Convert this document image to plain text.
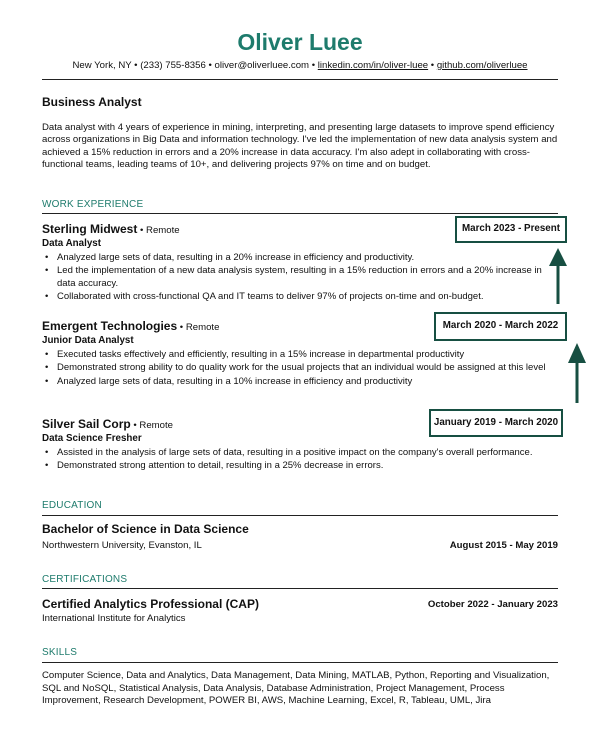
Oliver Luee
New York, NY • (233) 755-8356 • oliver@oliverluee.com • linkedin.com/in/oliver-luee • github.com/oliverluee
Business Analyst
Data analyst with 4 years of experience in mining, interpreting, and presenting large datasets to improve spend efficiency across organizations in Big Data and information technology. I've led the implementation of new data analysis system and achieved a 15% reduction in errors and a 20% increase in data accuracy. I'm also adept in collaborating with cross-functional teams, leading teams of 10+, and delivering projects 97% on time and on budget.
WORK EXPERIENCE
Sterling Midwest • Remote
Data Analyst
• Analyzed large sets of data, resulting in a 20% increase in efficiency and productivity.
• Led the implementation of a new data analysis system, resulting in a 15% reduction in errors and a 20% increase in data accuracy.
• Collaborated with cross-functional QA and IT teams to deliver 97% of projects on-time and on-budget.
Emergent Technologies • Remote
Junior Data Analyst
• Executed tasks effectively and efficiently, resulting in a 15% increase in departmental productivity
• Demonstrated strong ability to do quality work for the usual projects that an individual would be assigned at this level
• Analyzed large sets of data, resulting in a 10% increase in efficiency and productivity
Silver Sail Corp • Remote
Data Science Fresher
• Assisted in the analysis of large sets of data, resulting in a positive impact on the company's overall performance.
• Demonstrated strong attention to detail, resulting in a 25% decrease in errors.
March 2023 - Present
March 2020 - March 2022
January 2019 - March 2020
EDUCATION
Bachelor of Science in Data Science
Northwestern University, Evanston, IL	August 2015 - May 2019
CERTIFICATIONS
Certified Analytics Professional (CAP)	October 2022 - January 2023
International Institute for Analytics
SKILLS
Computer Science, Data and Analytics, Data Management, Data Mining, MATLAB, Python, Reporting and Visualization, SQL and NoSQL, Statistical Analysis, Data Analysis, Database Administration, Project Management, Process Improvement, Research Development, POWER BI, AWS, Machine Learning, Excel, R, Tableau, UML, Jira
